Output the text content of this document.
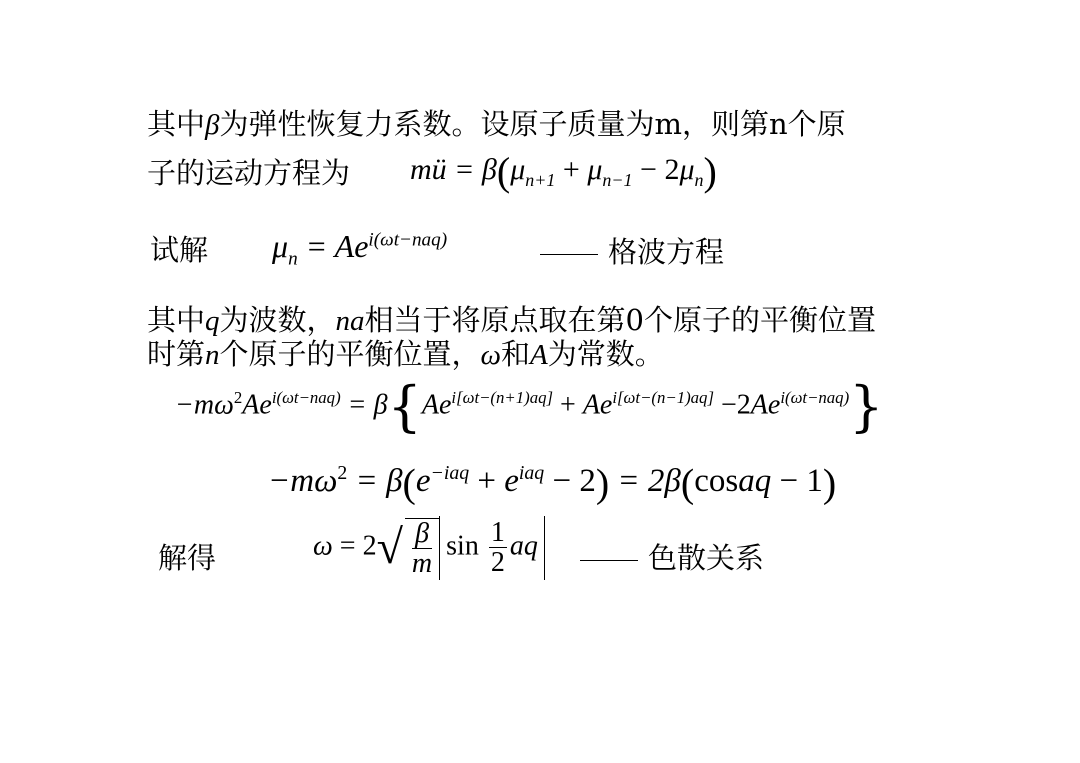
其中β为弹性恢复力系数。设原子质量为m，则第n个原
子的运动方程为 mü = $\beta(\mu_{n+1} + \mu_{n-1} - 2\mu_n)$
试解 $\mu_n = Ae^{i(\omega t-naq)}$	格波方程
其中q为波数，na相当于将原点取在第0个原子的平衡位置
时第n个原子的平衡位置，ω和A为常数。
$-m\omega^2Ae^{i(\omega t-naq)} = \beta\{Ae^{i[\omega t-(n+1)aq]} + Ae^{i[\omega t-(n-1)aq]} -2Ae^{i(\omega t-naq)}\}$
$-m\omega^2 = \beta(e^{-iaq} + e^{iaq} - 2)$ = 2β(cosaq − 1)
解得	$\omega = 2√ \frac{\beta}{m}$ $\sin \frac{1}{2}$ aq	色散关系
